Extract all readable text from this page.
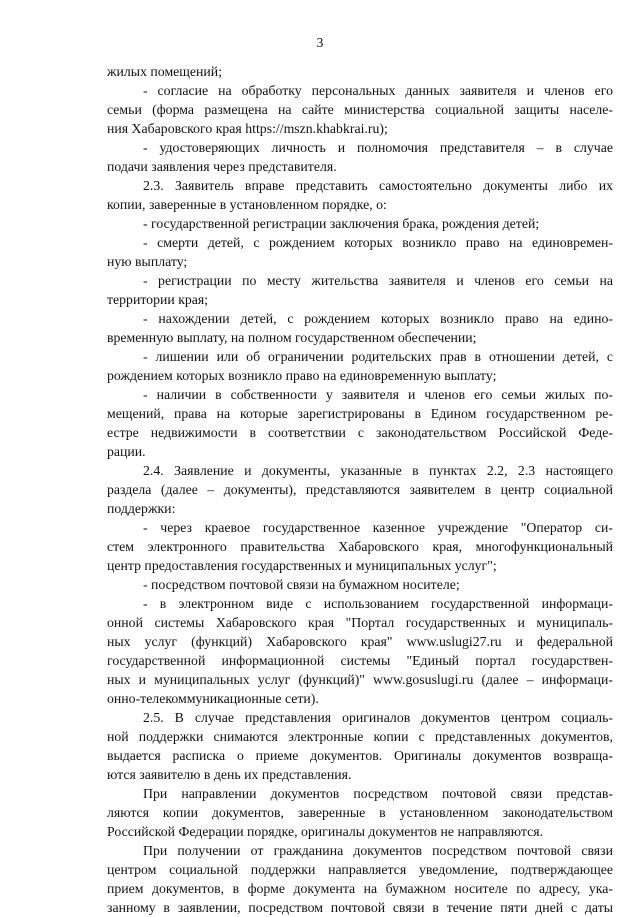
3
жилых помещений;
- согласие на обработку персональных данных заявителя и членов его
семьи (форма размещена на сайте министерства социальной защиты населе-
ния Хабаровского края https://mszn.khabkrai.ru);
- удостоверяющих личность и полномочия представителя – в случае
подачи заявления через представителя.
2.3. Заявитель вправе представить самостоятельно документы либо их
копии, заверенные в установленном порядке, о:
- государственной регистрации заключения брака, рождения детей;
- смерти детей, с рождением которых возникло право на единовремен-
ную выплату;
- регистрации по месту жительства заявителя и членов его семьи на
территории края;
- нахождении детей, с рождением которых возникло право на едино-
временную выплату, на полном государственном обеспечении;
- лишении или об ограничении родительских прав в отношении детей, с
рождением которых возникло право на единовременную выплату;
- наличии в собственности у заявителя и членов его семьи жилых по-
мещений, права на которые зарегистрированы в Едином государственном ре-
естре недвижимости в соответствии с законодательством Российской Феде-
рации.
2.4. Заявление и документы, указанные в пунктах 2.2, 2.3 настоящего
раздела (далее – документы), представляются заявителем в центр социальной
поддержки:
- через краевое государственное казенное учреждение "Оператор си-
стем электронного правительства Хабаровского края, многофункциональный
центр предоставления государственных и муниципальных услуг";
- посредством почтовой связи на бумажном носителе;
- в электронном виде с использованием государственной информаци-
онной системы Хабаровского края "Портал государственных и муниципаль-
ных услуг (функций) Хабаровского края" www.uslugi27.ru и федеральной
государственной информационной системы "Единый портал государствен-
ных и муниципальных услуг (функций)" www.gosuslugi.ru (далее – информаци-
онно-телекоммуникационные сети).
2.5. В случае представления оригиналов документов центром социаль-
ной поддержки снимаются электронные копии с представленных документов,
выдается расписка о приеме документов. Оригиналы документов возвраща-
ются заявителю в день их представления.
При направлении документов посредством почтовой связи представ-
ляются копии документов, заверенные в установленном законодательством
Российской Федерации порядке, оригиналы документов не направляются.
При получении от гражданина документов посредством почтовой связи
центром социальной поддержки направляется уведомление, подтверждающее
прием документов, в форме документа на бумажном носителе по адресу, ука-
занному в заявлении, посредством почтовой связи в течение пяти дней с даты
